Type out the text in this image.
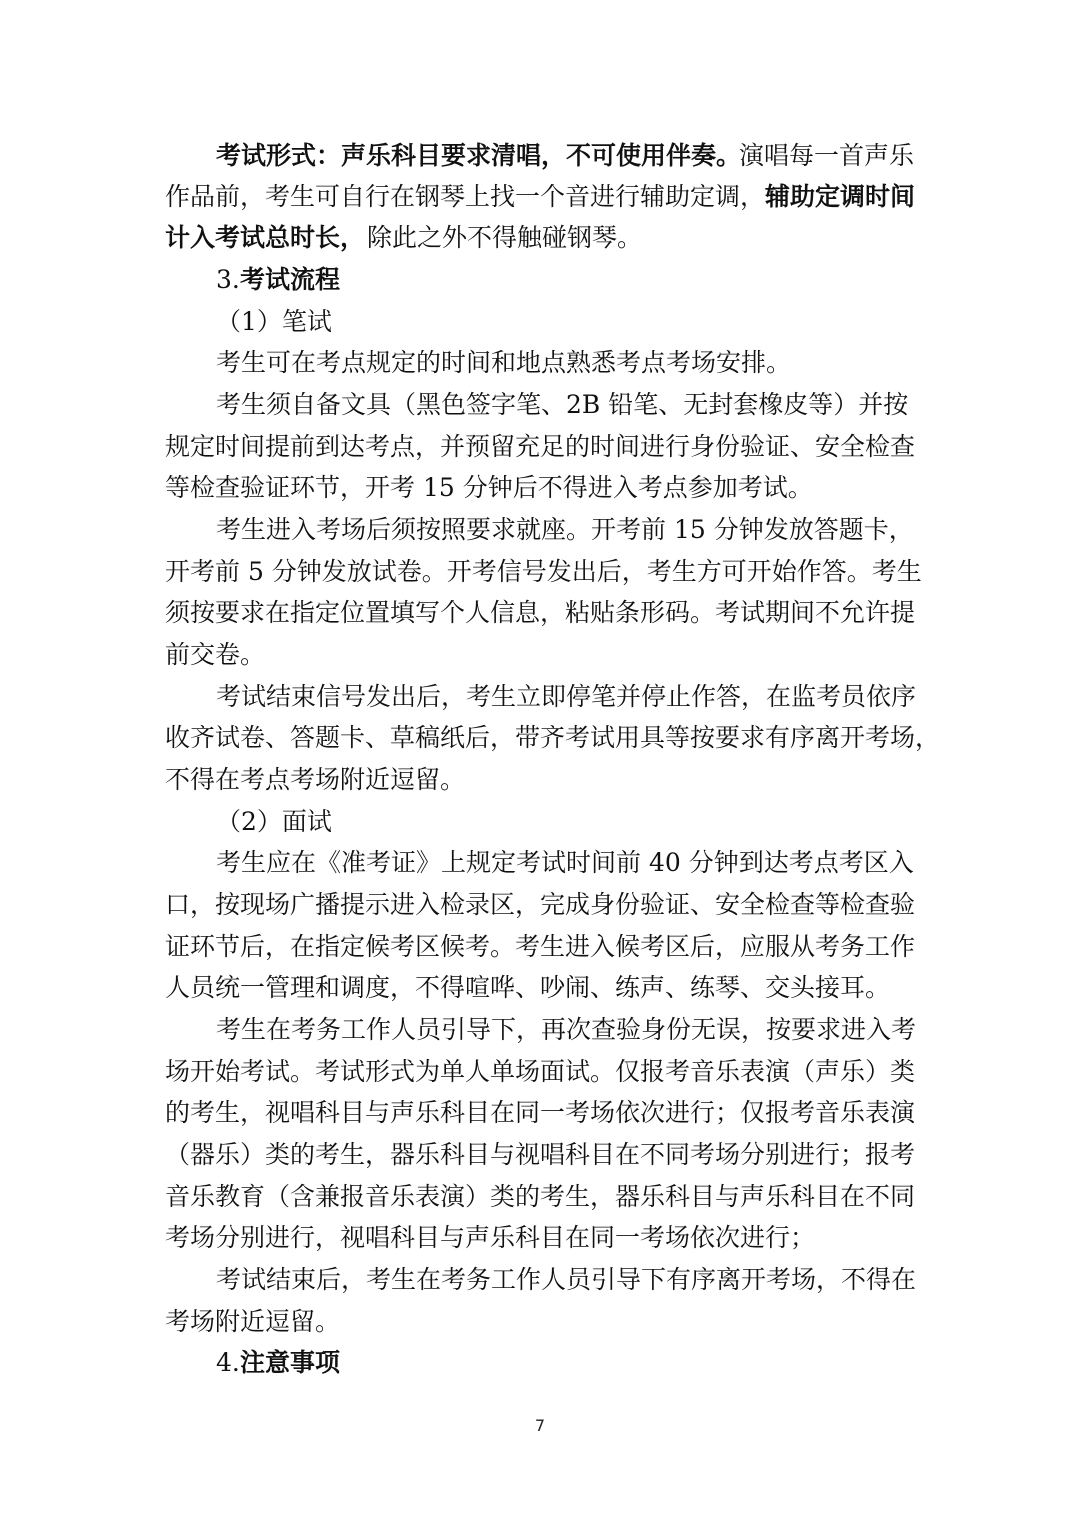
考试形式：声乐科目要求清唱，不可使用伴奏。
演唱每一首声乐
作品前，考生可自行在钢琴上找一个音进行辅助定调， 辅助定调时间
计入考试总时长， 除此之外不得触碰钢琴。
3. 考试流程
（1）笔试
考生可在考点规定的时间和地点熟悉考点考场安排。
考生须自备文具（黑色签字笔、2B 铅笔、无封套橡皮等）并按
规定时间提前到达考点，并预留充足的时间进行身份验证、安全检查
等检查验证环节，开考 15 分钟后不得进入考点参加考试。
考生进入考场后须按照要求就座。开考前 15 分钟发放答题卡，
开考前 5 分钟发放试卷。开考信号发出后，考生方可开始作答。考生
须按要求在指定位置填写个人信息，粘贴条形码。考试期间不允许提
前交卷。
考试结束信号发出后，考生立即停笔并停止作答，在监考员依序
收齐试卷、答题卡、草稿纸后，带齐考试用具等按要求有序离开考场，
不得在考点考场附近逗留。
（2）面试
考生应在《准考证》上规定考试时间前 40 分钟到达考点考区入
口，按现场广播提示进入检录区，完成身份验证、安全检查等检查验
证环节后，在指定候考区候考。考生进入候考区后，应服从考务工作
人员统一管理和调度，不得喧哗、吵闹、练声、练琴、交头接耳。
考生在考务工作人员引导下，再次查验身份无误，按要求进入考
场开始考试。考试形式为单人单场面试。仅报考音乐表演（声乐）类
的考生，视唱科目与声乐科目在同一考场依次进行；仅报考音乐表演
（器乐）类的考生，器乐科目与视唱科目在不同考场分别进行；报考
音乐教育（含兼报音乐表演）类的考生，器乐科目与声乐科目在不同
考场分别进行，视唱科目与声乐科目在同一考场依次进行；
考试结束后，考生在考务工作人员引导下有序离开考场，不得在
考场附近逗留。
4. 注意事项
7
